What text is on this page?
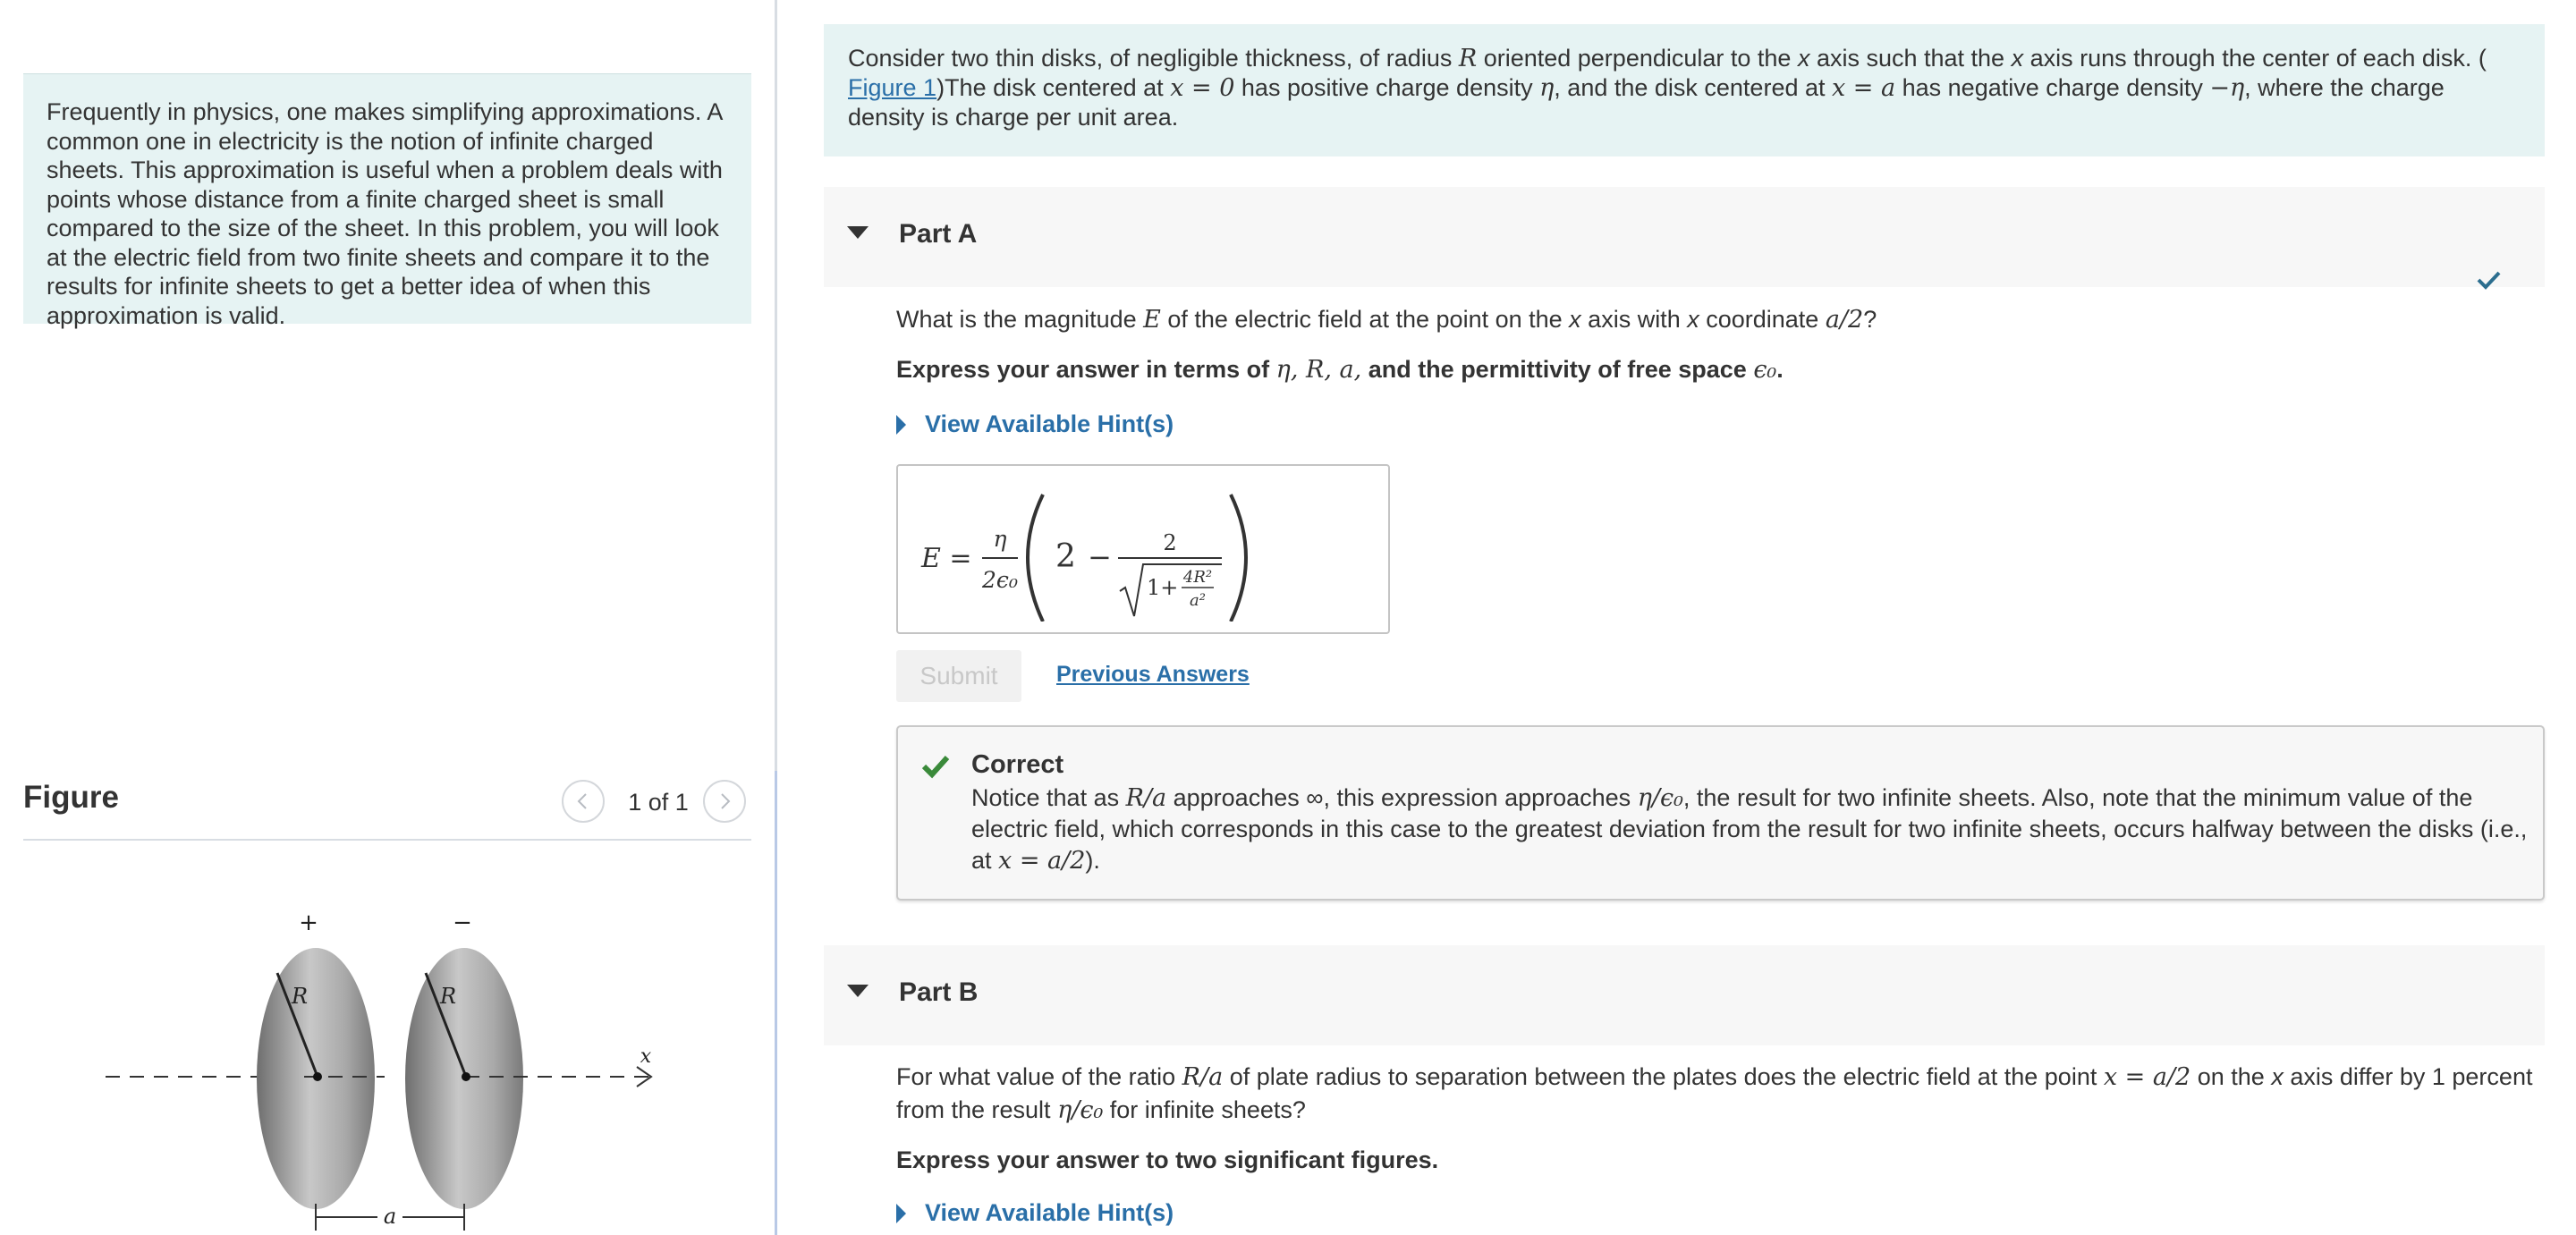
Frequently in physics, one makes simplifying approximations. A common one in electricity is the notion of infinite charged sheets. This approximation is useful when a problem deals with points whose distance from a finite charged sheet is small compared to the size of the sheet. In this problem, you will look at the electric field from two finite sheets and compare it to the results for infinite sheets to get a better idea of when this approximation is valid.
Figure	1 of 1
+	−
R	R
x
a
Consider two thin disks, of negligible thickness, of radius R oriented perpendicular to the x axis such that the x axis runs through the center of each disk. (
Figure 1)The disk centered at x = 0 has positive charge density η, and the disk centered at x = a has negative charge density −η, where the charge density is charge per unit area.
Part A
What is the magnitude E of the electric field at the point on the x axis with x coordinate a/2?
Express your answer in terms of η, R, a, and the permittivity of free space ϵ₀.
View Available Hint(s)
E =
η
2ϵ₀
2 − 2
1+ 4R²
a²
Submit	Previous Answers
Correct
Notice that as R/a approaches ∞, this expression approaches η/ϵ₀, the result for two infinite sheets. Also, note that the minimum value of the electric field, which corresponds in this case to the greatest deviation from the result for two infinite sheets, occurs halfway between the disks (i.e., at x = a/2).
Part B
For what value of the ratio R/a of plate radius to separation between the plates does the electric field at the point x = a/2 on the x axis differ by 1 percent from the result η/ϵ₀ for infinite sheets?
Express your answer to two significant figures.
View Available Hint(s)
